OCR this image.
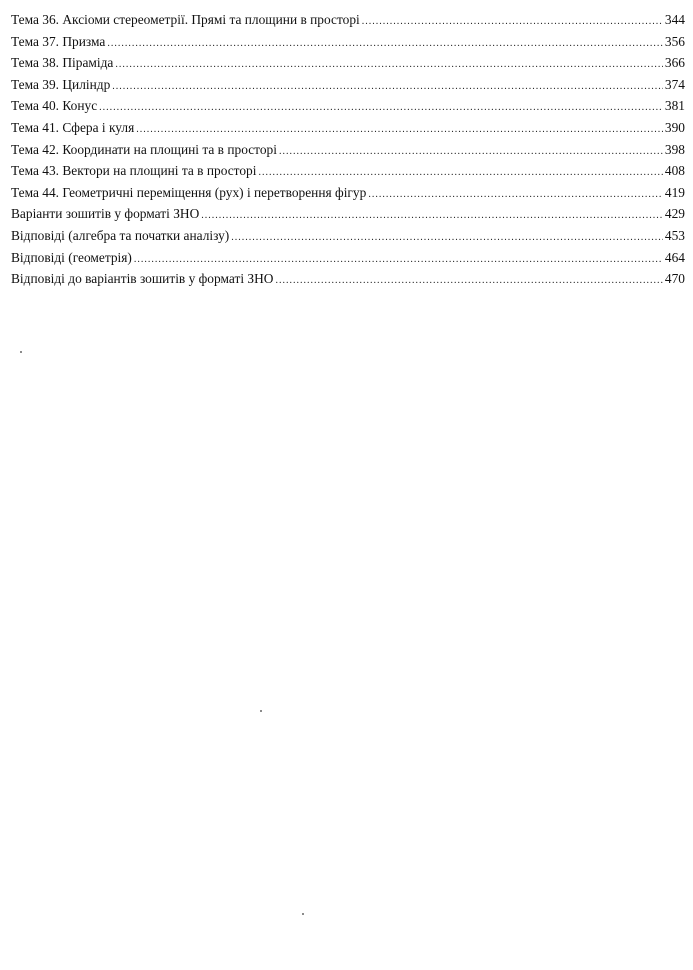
Тема 36. Аксіоми стереометрії. Прямі та площини в просторі .....	344
Тема 37. Призма .....	356
Тема 38. Піраміда .....	366
Тема 39. Циліндр .....	374
Тема 40. Конус .....	381
Тема 41. Сфера і куля .....	390
Тема 42. Координати на площині та в просторі .....	398
Тема 43. Вектори на площині та в просторі .....	408
Тема 44. Геометричні переміщення (рух) і перетворення фігур .....	419
Варіанти зошитів у форматі ЗНО .....	429
Відповіді (алгебра та початки аналізу) .....	453
Відповіді (геометрія) .....	464
Відповіді до варіантів зошитів у форматі ЗНО .....	470
